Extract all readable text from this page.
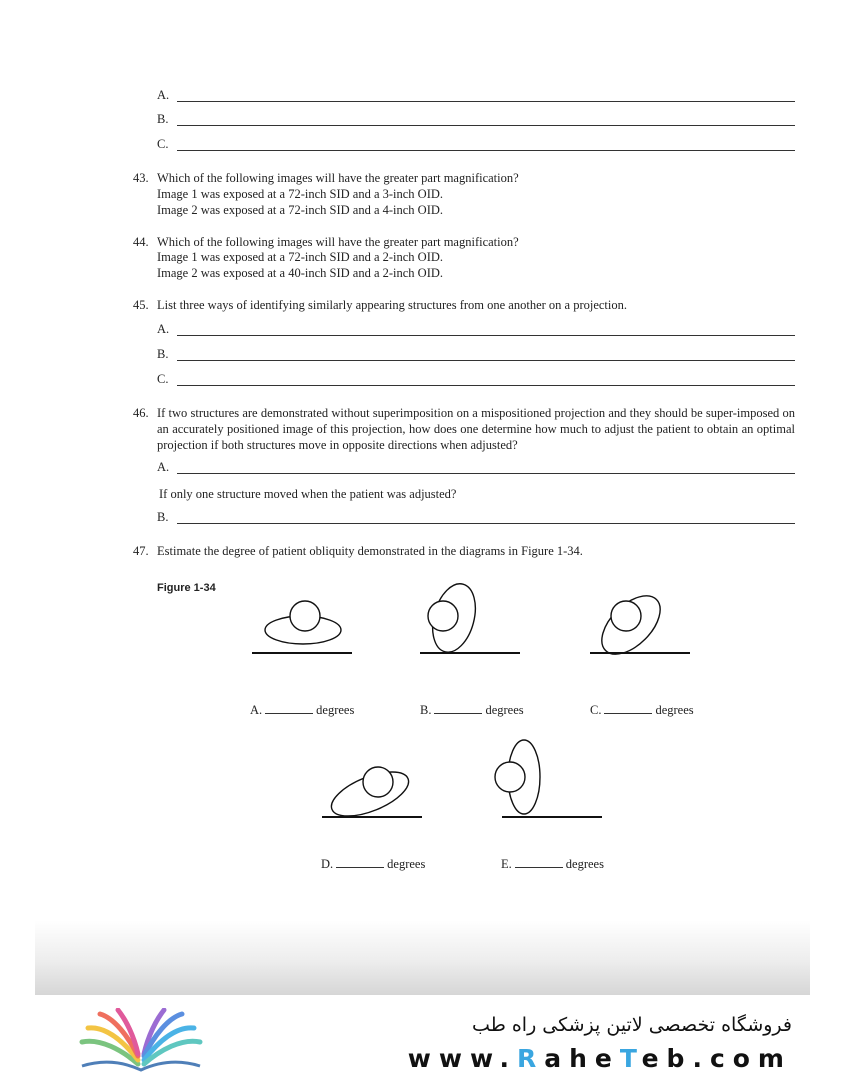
A.
B.
C.
43. Which of the following images will have the greater part magnification?
Image 1 was exposed at a 72-inch SID and a 3-inch OID.
Image 2 was exposed at a 72-inch SID and a 4-inch OID.
44. Which of the following images will have the greater part magnification?
Image 1 was exposed at a 72-inch SID and a 2-inch OID.
Image 2 was exposed at a 40-inch SID and a 2-inch OID.
45. List three ways of identifying similarly appearing structures from one another on a projection.
A.
B.
C.
46. If two structures are demonstrated without superimposition on a mispositioned projection and they should be super-imposed on an accurately positioned image of this projection, how does one determine how much to adjust the patient to obtain an optimal projection if both structures move in opposite directions when adjusted?
A.
If only one structure moved when the patient was adjusted?
B.
47. Estimate the degree of patient obliquity demonstrated in the diagrams in Figure 1-34.
Figure 1-34
A.	degrees	B.	degrees	C.	degrees
D.	degrees	E.	degrees
فروشگاه تخصصی لاتین پزشکی راه طب
www.RaheTeb.com
